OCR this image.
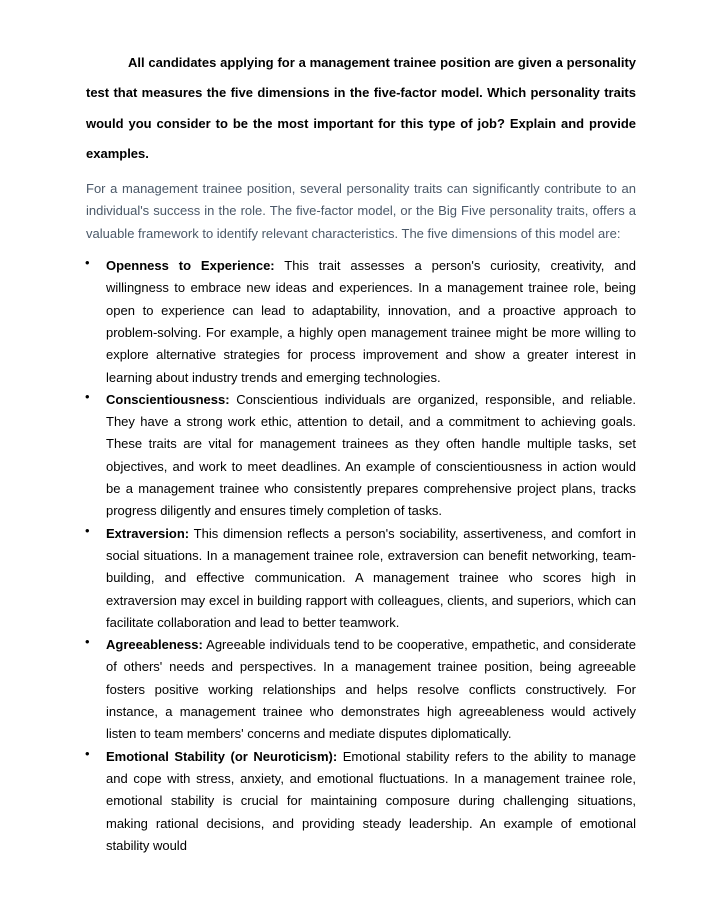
All candidates applying for a management trainee position are given a personality test that measures the five dimensions in the five-factor model. Which personality traits would you consider to be the most important for this type of job? Explain and provide examples.

For a management trainee position, several personality traits can significantly contribute to an individual's success in the role. The five-factor model, or the Big Five personality traits, offers a valuable framework to identify relevant characteristics. The five dimensions of this model are:

• Openness to Experience: This trait assesses a person's curiosity, creativity, and willingness to embrace new ideas and experiences. In a management trainee role, being open to experience can lead to adaptability, innovation, and a proactive approach to problem-solving. For example, a highly open management trainee might be more willing to explore alternative strategies for process improvement and show a greater interest in learning about industry trends and emerging technologies.
• Conscientiousness: Conscientious individuals are organized, responsible, and reliable. They have a strong work ethic, attention to detail, and a commitment to achieving goals. These traits are vital for management trainees as they often handle multiple tasks, set objectives, and work to meet deadlines. An example of conscientiousness in action would be a management trainee who consistently prepares comprehensive project plans, tracks progress diligently and ensures timely completion of tasks.
• Extraversion: This dimension reflects a person's sociability, assertiveness, and comfort in social situations. In a management trainee role, extraversion can benefit networking, team-building, and effective communication. A management trainee who scores high in extraversion may excel in building rapport with colleagues, clients, and superiors, which can facilitate collaboration and lead to better teamwork.
• Agreeableness: Agreeable individuals tend to be cooperative, empathetic, and considerate of others' needs and perspectives. In a management trainee position, being agreeable fosters positive working relationships and helps resolve conflicts constructively. For instance, a management trainee who demonstrates high agreeableness would actively listen to team members' concerns and mediate disputes diplomatically.
• Emotional Stability (or Neuroticism): Emotional stability refers to the ability to manage and cope with stress, anxiety, and emotional fluctuations. In a management trainee role, emotional stability is crucial for maintaining composure during challenging situations, making rational decisions, and providing steady leadership. An example of emotional stability would
